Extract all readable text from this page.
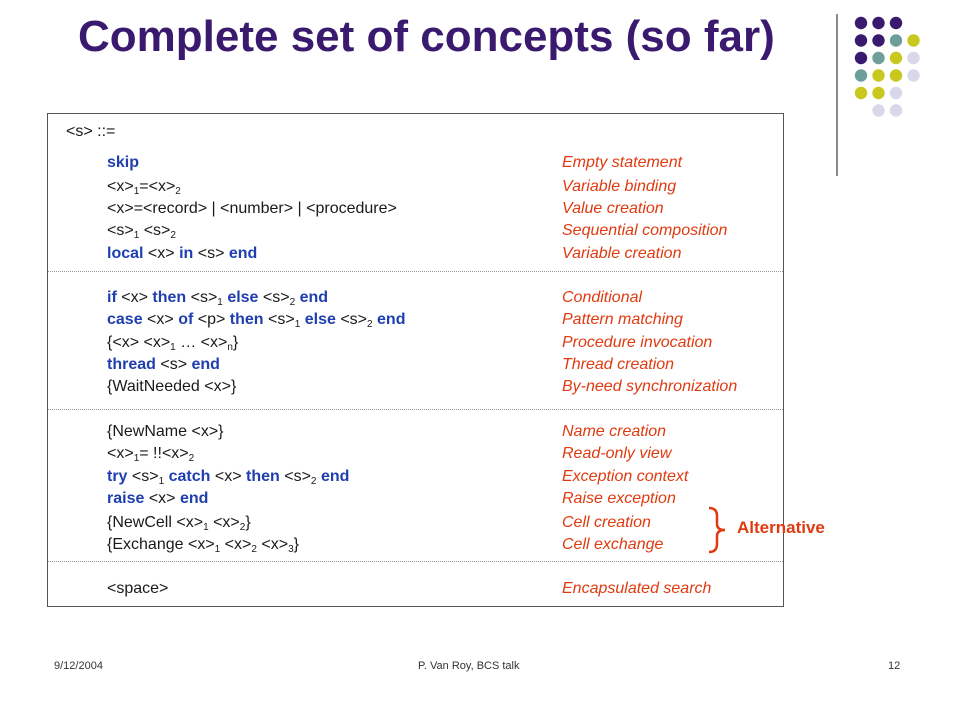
Complete set of concepts (so far)
<s> ::=
skip	Empty statement
$<x>_1=<x>_2$	Variable binding
<x>=<record> | <number> | <procedure>	Value creation
$<s>_1 <s>_2$	Sequential composition
local <x> in <s> end	Variable creation
if <x> then $<s>_1$ else $<s>_2$ end	Conditional
case <x> of <p> then $<s>_1$ else $<s>_2$ end	Pattern matching
{$<x> <x>_1$ … $<x>_n$}	Procedure invocation
thread <s> end	Thread creation
{WaitNeeded <x>}	By-need synchronization
{NewName <x>}	Name creation
$<x>_1= !!<x>_2$	Read-only view
try $<s>_1$ catch <x> then $<s>_2$ end	Exception context
raise <x> end	Raise exception
{NewCell $<x>_1 <x>_2$}	Cell creation
{Exchange $<x>_1 <x>_2 <x>_3$}	Cell exchange
<space>	Encapsulated search
Alternative
9/12/2004	P. Van Roy, BCS talk	12
